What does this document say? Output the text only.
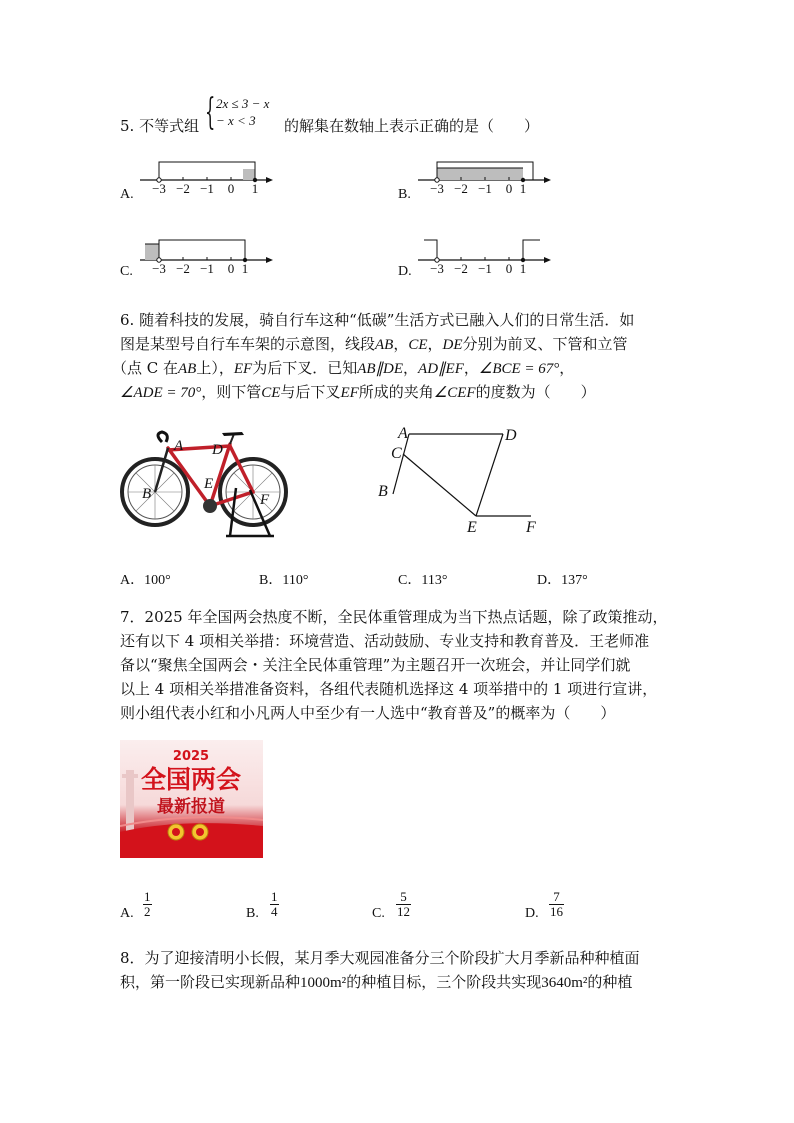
5. 不等式组 { 2x ≤ 3 − x
− x < 3	的解集在数轴上表示正确的是（　　）
A.	B.
C.	D.
−3 −2 −1 0 1	−3 −2 −1 0 1
−3 −2 −1 0 1	−3 −2 −1 0 1
6. 随着科技的发展，骑自行车这种“低碳”生活方式已融入人们的日常生活．如
图是某型号自行车车架的示意图，线段AB，CE，DE分别为前叉、下管和立管
（点 C 在AB上），EF为后下叉．已知AB∥DE，AD∥EF，∠BCE = 67°，
∠ADE = 70°，则下管CE与后下叉EF所成的夹角∠CEF的度数为（　　）
A D
B
E
F
A	D
C
B
E	F
A．100°	B．110°	C．113°	D．137°
7．2025 年全国两会热度不断，全民体重管理成为当下热点话题，除了政策推动，
还有以下 4 项相关举措：环境营造、活动鼓励、专业支持和教育普及．王老师准
备以“聚焦全国两会・关注全民体重管理”为主题召开一次班会，并让同学们就
以上 4 项相关举措准备资料，各组代表随机选择这 4 项举措中的 1 项进行宣讲，
则小组代表小红和小凡两人中至少有一人选中“教育普及”的概率为（　　）
2025
全国两会
最新报道
A. $\frac{1}{2}$	B. $\frac{1}{4}$	C. $\frac{5}{12}$	D. $\frac{7}{16}$
8．为了迎接清明小长假，某月季大观园准备分三个阶段扩大月季新品种种植面
积，第一阶段已实现新品种1000m²的种植目标，三个阶段共实现3640m²的种植
